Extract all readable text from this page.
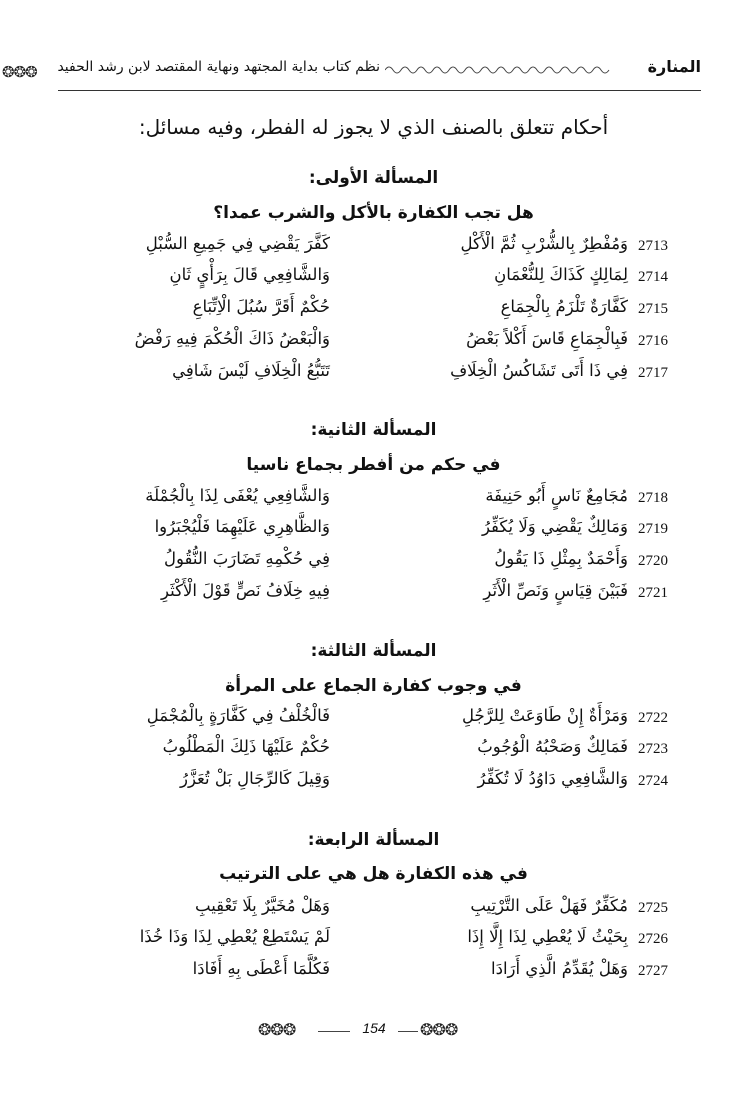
❂❂❂ نظم كتاب بداية المجتهد ونهاية المقتصد لابن رشد الحفيد	المنارة
أحكام تتعلق بالصنف الذي لا يجوز له الفطر، وفيه مسائل:
المسألة الأولى:
هل تجب الكفارة بالأكل والشرب عمدا؟
2713
وَمُفْطِرٌ بِالشُّرْبِ ثُمَّ الْأَكْلِ
كَفَّرَ يَقْضِي فِي جَمِيعِ السُّبْلِ
2714
لِمَالِكٍ كَذَاكَ لِلنُّعْمَانِ
وَالشَّافِعِي قَالَ بِرَأْيٍ ثَانِ
2715
كَفَّارَةٌ تَلْزَمُ بِالْجِمَاعِ
حُكْمٌ أَقَرَّ سُبُلَ الْاِتِّبَاعِ
2716
فَبِالْجِمَاعِ قَاسَ أَكْلاً بَعْضُ
وَالْبَعْضُ ذَاكَ الْحُكْمَ فِيهِ رَفْضُ
2717
فِي ذَا أَتَى تَشَاكُسُ الْخِلَافِ
تَتَبُّعُ الْخِلَافِ لَيْسَ شَافِي
المسألة الثانية:
في حكم من أفطر بجماع ناسيا
2718
مُجَامِعٌ نَاسٍ أَبُو حَنِيفَة
وَالشَّافِعِي يُعْفَى لِذَا بِالْجُمْلَة
2719
وَمَالِكٌ يَقْضِي وَلَا يُكَفِّرُ
وَالظَّاهِرِي عَلَيْهِمَا فَلْيُجْبَرُوا
2720
وَأَحْمَدٌ بِمِثْلِ ذَا يَقُولُ
فِي حُكْمِهِ تَضَارَبَ النُّقُولُ
2721
فَبَيْنَ قِيَاسٍ وَنَصِّ الْأَثَرِ
فِيهِ خِلَافُ نَصٍّ قَوْلَ الْأَكْثَرِ
المسألة الثالثة:
في وجوب كفارة الجماع على المرأة
2722
وَمَرْأَةٌ إِنْ طَاوَعَتْ لِلرَّجُلِ
فَالْخُلْفُ فِي كَفَّارَةٍ بِالْمُجْمَلِ
2723
فَمَالِكٌ وَصَحْبُهُ الْوُجُوبُ
حُكْمٌ عَلَيْهَا ذَلِكَ الْمَطْلُوبُ
2724
وَالشَّافِعِي دَاوُدُ لَا تُكَفِّرُ
وَقِيلَ كَالرِّجَالِ بَلْ تُعَزَّرُ
المسألة الرابعة:
في هذه الكفارة هل هي على الترتيب
2725
مُكَفِّرٌ فَهَلْ عَلَى التَّرْتِيبِ
وَهَلْ مُخَيَّرٌ بِلَا تَعْقِيبِ
2726
بِحَيْثُ لَا يُعْطِي لِذَا إِلَّا إِذَا
لَمْ يَسْتَطِعْ يُعْطِي لِذَا وَذَا خُذَا
2727
وَهَلْ يُقَدِّمُ الَّذِي أَرَادَا
فَكُلَّمَا أَعْطَى بِهِ أَفَادَا
❂❂❂	154	❂❂❂
